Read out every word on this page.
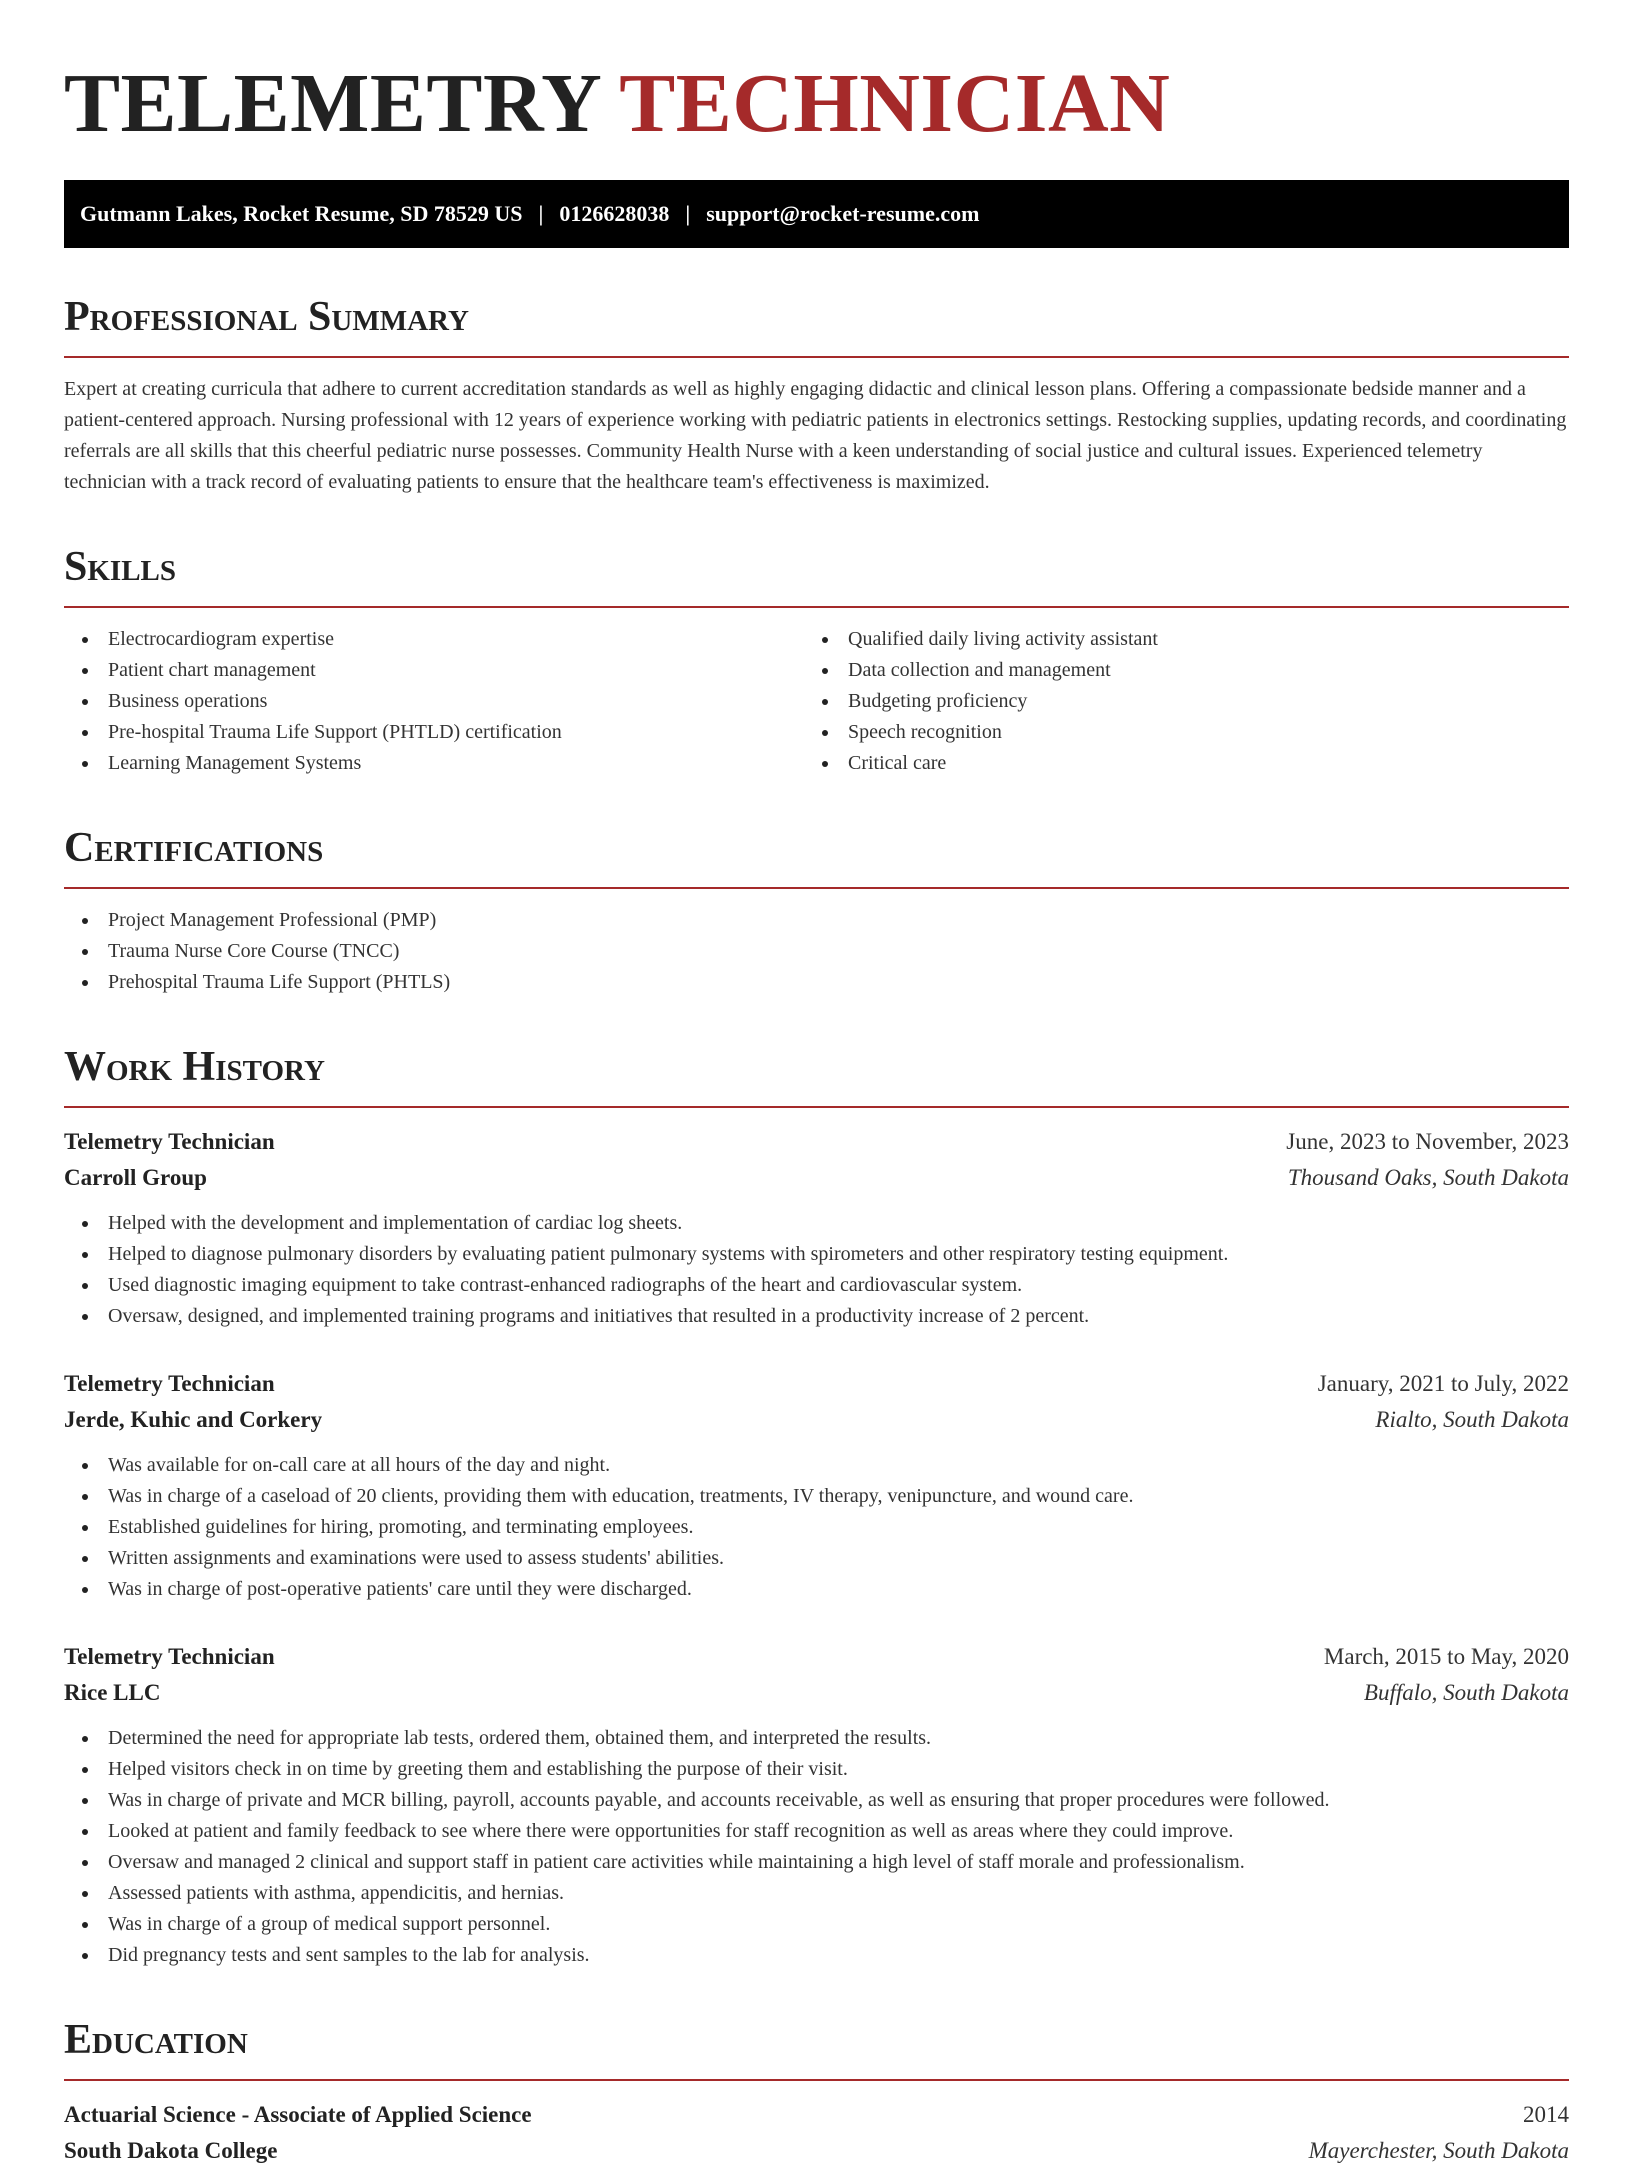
TELEMETRY TECHNICIAN
Gutmann Lakes, Rocket Resume, SD 78529 US | 0126628038 | support@rocket-resume.com
Professional Summary

Expert at creating curricula that adhere to current accreditation standards as well as highly engaging didactic and clinical lesson plans. Offering a compassionate bedside manner and a patient-centered approach. Nursing professional with 12 years of experience working with pediatric patients in electronics settings. Restocking supplies, updating records, and coordinating referrals are all skills that this cheerful pediatric nurse possesses. Community Health Nurse with a keen understanding of social justice and cultural issues. Experienced telemetry technician with a track record of evaluating patients to ensure that the healthcare team's effectiveness is maximized.

Skills
Electrocardiogram expertise
Patient chart management
Business operations
Pre-hospital Trauma Life Support (PHTLD) certification
Learning Management Systems
Qualified daily living activity assistant
Data collection and management
Budgeting proficiency
Speech recognition
Critical care
Certifications
Project Management Professional (PMP)
Trauma Nurse Core Course (TNCC)
Prehospital Trauma Life Support (PHTLS)
Work History
Telemetry Technician	June, 2023 to November, 2023
Carroll Group	Thousand Oaks, South Dakota
Helped with the development and implementation of cardiac log sheets.
Helped to diagnose pulmonary disorders by evaluating patient pulmonary systems with spirometers and other respiratory testing equipment.
Used diagnostic imaging equipment to take contrast-enhanced radiographs of the heart and cardiovascular system.
Oversaw, designed, and implemented training programs and initiatives that resulted in a productivity increase of 2 percent.
Telemetry Technician	January, 2021 to July, 2022
Jerde, Kuhic and Corkery	Rialto, South Dakota
Was available for on-call care at all hours of the day and night.
Was in charge of a caseload of 20 clients, providing them with education, treatments, IV therapy, venipuncture, and wound care.
Established guidelines for hiring, promoting, and terminating employees.
Written assignments and examinations were used to assess students' abilities.
Was in charge of post-operative patients' care until they were discharged.
Telemetry Technician	March, 2015 to May, 2020
Rice LLC	Buffalo, South Dakota
Determined the need for appropriate lab tests, ordered them, obtained them, and interpreted the results.
Helped visitors check in on time by greeting them and establishing the purpose of their visit.
Was in charge of private and MCR billing, payroll, accounts payable, and accounts receivable, as well as ensuring that proper procedures were followed.
Looked at patient and family feedback to see where there were opportunities for staff recognition as well as areas where they could improve.
Oversaw and managed 2 clinical and support staff in patient care activities while maintaining a high level of staff morale and professionalism.
Assessed patients with asthma, appendicitis, and hernias.
Was in charge of a group of medical support personnel.
Did pregnancy tests and sent samples to the lab for analysis.
Education
Actuarial Science - Associate of Applied Science	2014
South Dakota College	Mayerchester, South Dakota
